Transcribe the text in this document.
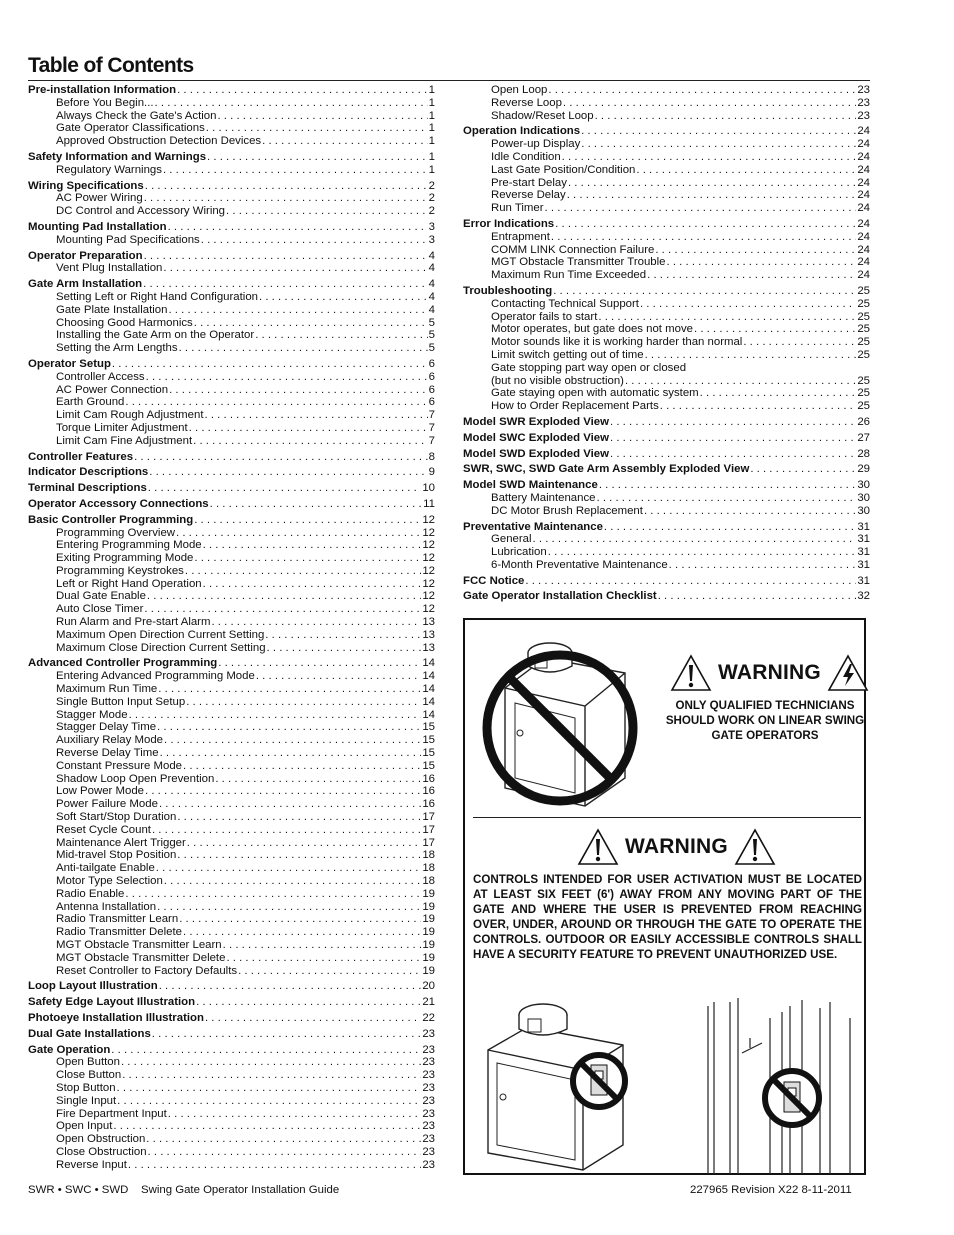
Table of Contents
Pre-installation Information . . .	1
Before You Begin... . . .	1
Always Check the Gate's Action . . .	1
Gate Operator Classifications . . .	1
Approved Obstruction Detection Devices . . .	1
Safety Information and Warnings . . .	1
Regulatory Warnings . . .	1
Wiring Specifications . . .	2
AC Power Wiring . . .	2
DC Control and Accessory Wiring . . .	2
Mounting Pad Installation . . .	3
Mounting Pad Specifications . . .	3
Operator Preparation . . .	4
Vent Plug Installation . . .	4
Gate Arm Installation . . .	4
Setting Left or Right Hand Configuration . . .	4
Gate Plate Installation . . .	4
Choosing Good Harmonics . . .	5
Installing the Gate Arm on the Operator . . .	5
Setting the Arm Lengths . . .	5
Operator Setup . . .	6
Controller Access . . .	6
AC Power Connection . . .	6
Earth Ground . . .	6
Limit Cam Rough Adjustment . . .	7
Torque Limiter Adjustment . . .	7
Limit Cam Fine Adjustment . . .	7
Controller Features . . .	8
Indicator Descriptions . . .	9
Terminal Descriptions . . .	10
Operator Accessory Connections . . .	11
Basic Controller Programming . . .	12
Programming Overview . . .	12
Entering Programming Mode . . .	12
Exiting Programming Mode . . .	12
Programming Keystrokes . . .	12
Left or Right Hand Operation . . .	12
Dual Gate Enable . . .	12
Auto Close Timer . . .	12
Run Alarm and Pre-start Alarm . . .	13
Maximum Open Direction Current Setting . . .	13
Maximum Close Direction Current Setting . . .	13
Advanced Controller Programming . . .	14
Entering Advanced Programming Mode . . .	14
Maximum Run Time . . .	14
Single Button Input Setup . . .	14
Stagger Mode . . .	14
Stagger Delay Time . . .	15
Auxiliary Relay Mode . . .	15
Reverse Delay Time . . .	15
Constant Pressure Mode . . .	15
Shadow Loop Open Prevention . . .	16
Low Power Mode . . .	16
Power Failure Mode . . .	16
Soft Start/Stop Duration . . .	17
Reset Cycle Count . . .	17
Maintenance Alert Trigger . . .	17
Mid-travel Stop Position . . .	18
Anti-tailgate Enable . . .	18
Motor Type Selection . . .	18
Radio Enable . . .	19
Antenna Installation . . .	19
Radio Transmitter Learn . . .	19
Radio Transmitter Delete . . .	19
MGT Obstacle Transmitter Learn . . .	19
MGT Obstacle Transmitter Delete . . .	19
Reset Controller to Factory Defaults . . .	19
Loop Layout Illustration . . .	20
Safety Edge Layout Illustration . . .	21
Photoeye Installation Illustration . . .	22
Dual Gate Installations . . .	23
Gate Operation . . .	23
Open Button . . .	23
Close Button . . .	23
Stop Button . . .	23
Single Input . . .	23
Fire Department Input . . .	23
Open Input . . .	23
Open Obstruction . . .	23
Close Obstruction . . .	23
Reverse Input . . .	23
Open Loop . . .	23
Reverse Loop . . .	23
Shadow/Reset Loop . . .	23
Operation Indications . . .	24
Power-up Display . . .	24
Idle Condition . . .	24
Last Gate Position/Condition . . .	24
Pre-start Delay . . .	24
Reverse Delay . . .	24
Run Timer . . .	24
Error Indications . . .	24
Entrapment . . .	24
COMM LINK Connection Failure . . .	24
MGT Obstacle Transmitter Trouble . . .	24
Maximum Run Time Exceeded . . .	24
Troubleshooting . . .	25
Contacting Technical Support . . .	25
Operator fails to start . . .	25
Motor operates, but gate does not move . . .	25
Motor sounds like it is working harder than normal . . .	25
Limit switch getting out of time . . .	25
Gate stopping part way open or closed
(but no visible obstruction) . . .	25
Gate staying open with automatic system . . .	25
How to Order Replacement Parts . . .	25
Model SWR Exploded View . . .	26
Model SWC Exploded View . . .	27
Model SWD Exploded View . . .	28
SWR, SWC, SWD Gate Arm Assembly Exploded View . . .	29
Model SWD Maintenance . . .	30
Battery Maintenance . . .	30
DC Motor Brush Replacement . . .	30
Preventative Maintenance . . .	31
General . . .	31
Lubrication . . .	31
6-Month Preventative Maintenance . . .	31
FCC Notice . . .	31
Gate Operator Installation Checklist . . .	32
WARNING
ONLY QUALIFIED TECHNICIANS SHOULD WORK ON LINEAR SWING GATE OPERATORS
WARNING
CONTROLS INTENDED FOR USER ACTIVATION MUST BE LOCATED AT LEAST SIX FEET (6') AWAY FROM ANY MOVING PART OF THE GATE AND WHERE THE USER IS PREVENTED FROM REACHING OVER, UNDER, AROUND OR THROUGH THE GATE TO OPERATE THE CONTROLS. OUTDOOR OR EASILY ACCESSIBLE CONTROLS SHALL HAVE A SECURITY FEATURE TO PREVENT UNAUTHORIZED USE.
SWR • SWC • SWD    Swing Gate Operator Installation Guide	227965 Revision X22 8-11-2011
